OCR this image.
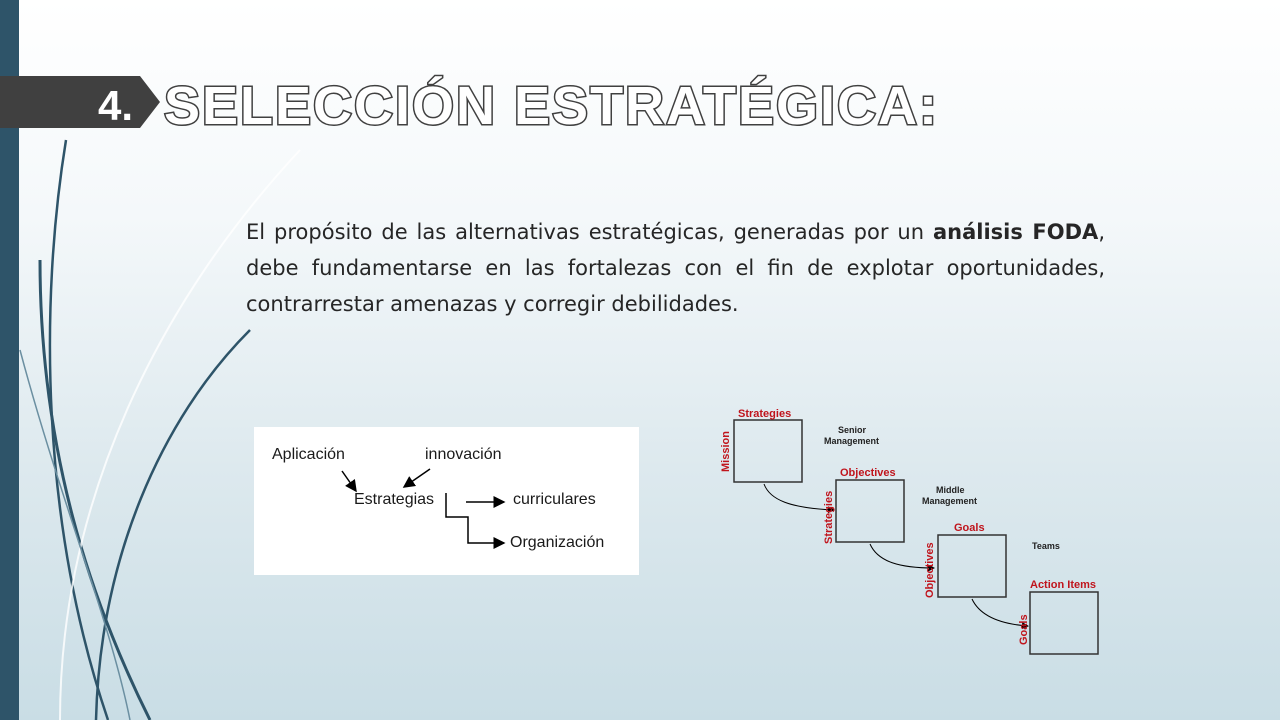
4. SELECCIÓN ESTRATÉGICA:
El propósito de las alternativas estratégicas, generadas por un análisis FODA, debe fundamentarse en las fortalezas con el fin de explotar oportunidades, contrarrestar amenazas y corregir debilidades.
Aplicación	innovación
Estrategias	curriculares
Organización
Strategies
Objectives
Goals
Action Items
Mission
Strategies
Objectives
Goals
Senior
Management
Middle
Management
Teams
